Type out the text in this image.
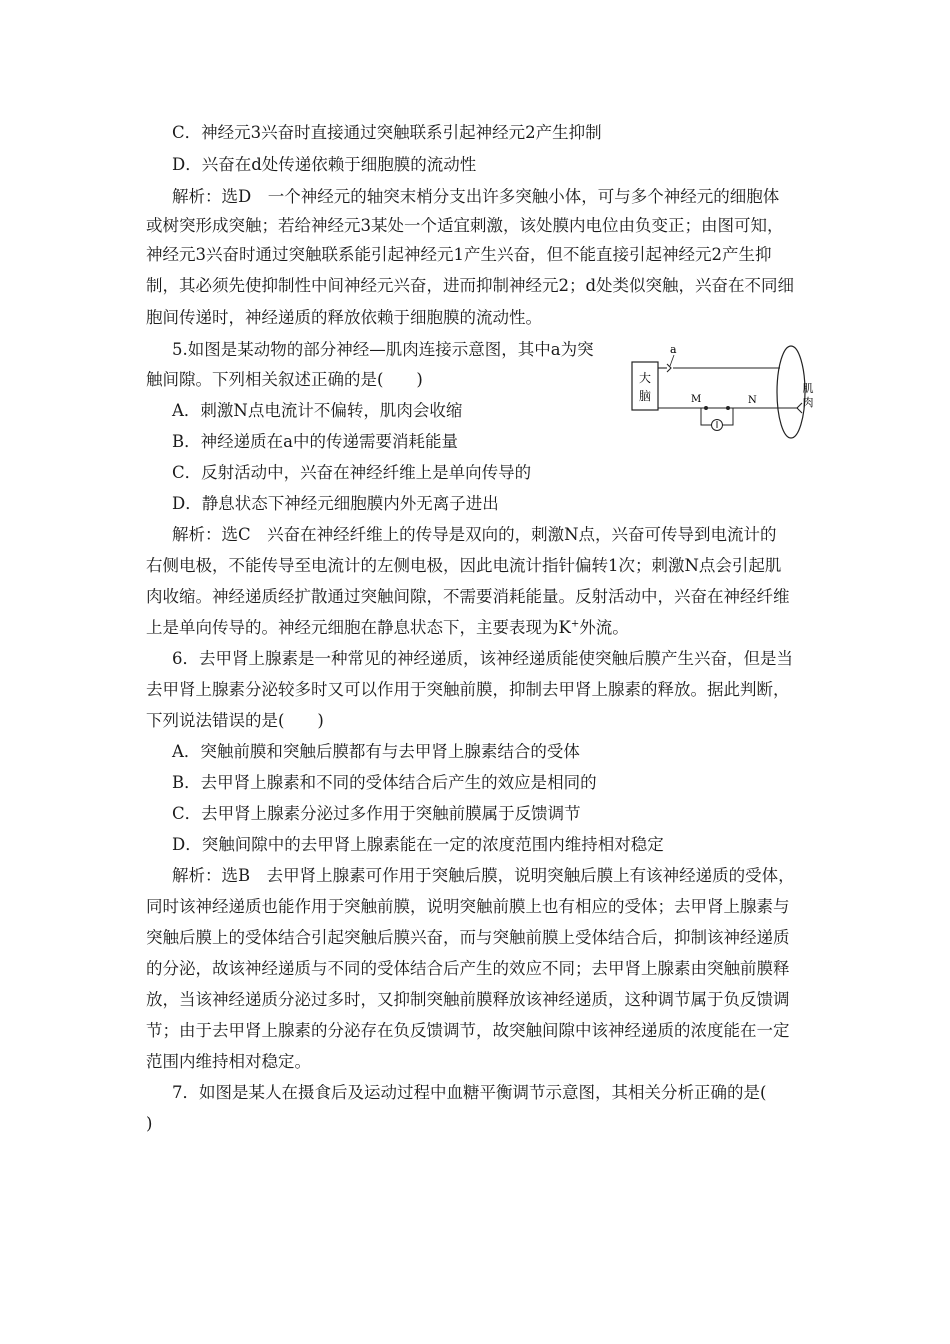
C．神经元3兴奋时直接通过突触联系引起神经元2产生抑制
D．兴奋在d处传递依赖于细胞膜的流动性
解析：选D　一个神经元的轴突末梢分支出许多突触小体，可与多个神经元的细胞体
或树突形成突触；若给神经元3某处一个适宜刺激，该处膜内电位由负变正；由图可知，
神经元3兴奋时通过突触联系能引起神经元1产生兴奋，但不能直接引起神经元2产生抑
制，其必须先使抑制性中间神经元兴奋，进而抑制神经元2；d处类似突触，兴奋在不同细
胞间传递时，神经递质的释放依赖于细胞膜的流动性。
5.如图是某动物的部分神经—肌肉连接示意图，其中a为突
触间隙。下列相关叙述正确的是(　　)
A．刺激N点电流计不偏转，肌肉会收缩
B．神经递质在a中的传递需要消耗能量
C．反射活动中，兴奋在神经纤维上是单向传导的
D．静息状态下神经元细胞膜内外无离子进出
解析：选C　兴奋在神经纤维上的传导是双向的，刺激N点，兴奋可传导到电流计的
右侧电极，不能传导至电流计的左侧电极，因此电流计指针偏转1次；刺激N点会引起肌
肉收缩。神经递质经扩散通过突触间隙，不需要消耗能量。反射活动中，兴奋在神经纤维
上是单向传导的。神经元细胞在静息状态下，主要表现为K+外流。
大
脑
a
肌
肉
M	N
6．去甲肾上腺素是一种常见的神经递质，该神经递质能使突触后膜产生兴奋，但是当
去甲肾上腺素分泌较多时又可以作用于突触前膜，抑制去甲肾上腺素的释放。据此判断，
下列说法错误的是(　　)
A．突触前膜和突触后膜都有与去甲肾上腺素结合的受体
B．去甲肾上腺素和不同的受体结合后产生的效应是相同的
C．去甲肾上腺素分泌过多作用于突触前膜属于反馈调节
D．突触间隙中的去甲肾上腺素能在一定的浓度范围内维持相对稳定
解析：选B　去甲肾上腺素可作用于突触后膜，说明突触后膜上有该神经递质的受体，
同时该神经递质也能作用于突触前膜，说明突触前膜上也有相应的受体；去甲肾上腺素与
突触后膜上的受体结合引起突触后膜兴奋，而与突触前膜上受体结合后，抑制该神经递质
的分泌，故该神经递质与不同的受体结合后产生的效应不同；去甲肾上腺素由突触前膜释
放，当该神经递质分泌过多时，又抑制突触前膜释放该神经递质，这种调节属于负反馈调
节；由于去甲肾上腺素的分泌存在负反馈调节，故突触间隙中该神经递质的浓度能在一定
范围内维持相对稳定。
7．如图是某人在摄食后及运动过程中血糖平衡调节示意图，其相关分析正确的是(
)
